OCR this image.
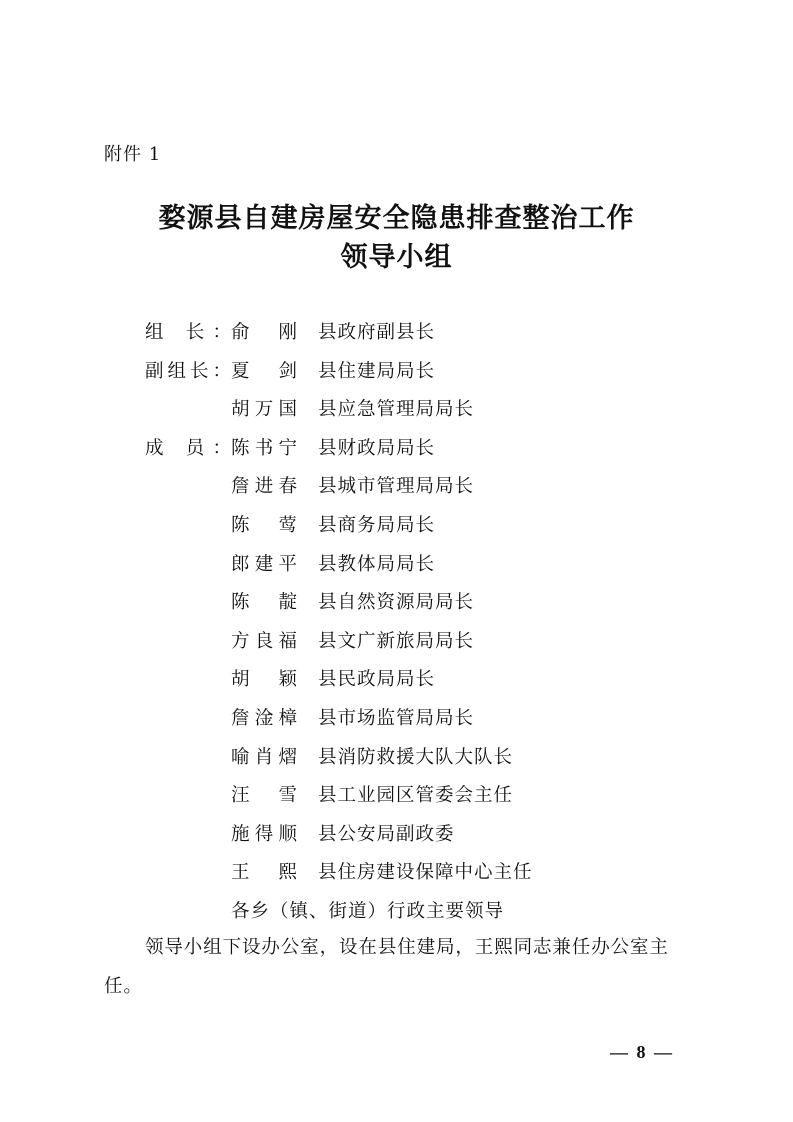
附件 1
婺源县自建房屋安全隐患排查整治工作
领导小组
组 长： 俞 刚 县政府副县长
副组长： 夏 剑 县住建局局长
胡万国 县应急管理局局长
成 员： 陈书宁 县财政局局长
詹进春 县城市管理局局长
陈 莺 县商务局局长
郎建平 县教体局局长
陈 靛 县自然资源局局长
方良福 县文广新旅局局长
胡 颖 县民政局局长
詹淦樟 县市场监管局局长
喻肖熠 县消防救援大队大队长
汪 雪 县工业园区管委会主任
施得顺 县公安局副政委
王 熙 县住房建设保障中心主任
各乡（镇、街道）行政主要领导
领导小组下设办公室，设在县住建局，王熙同志兼任办公室主任。
— 8 —
